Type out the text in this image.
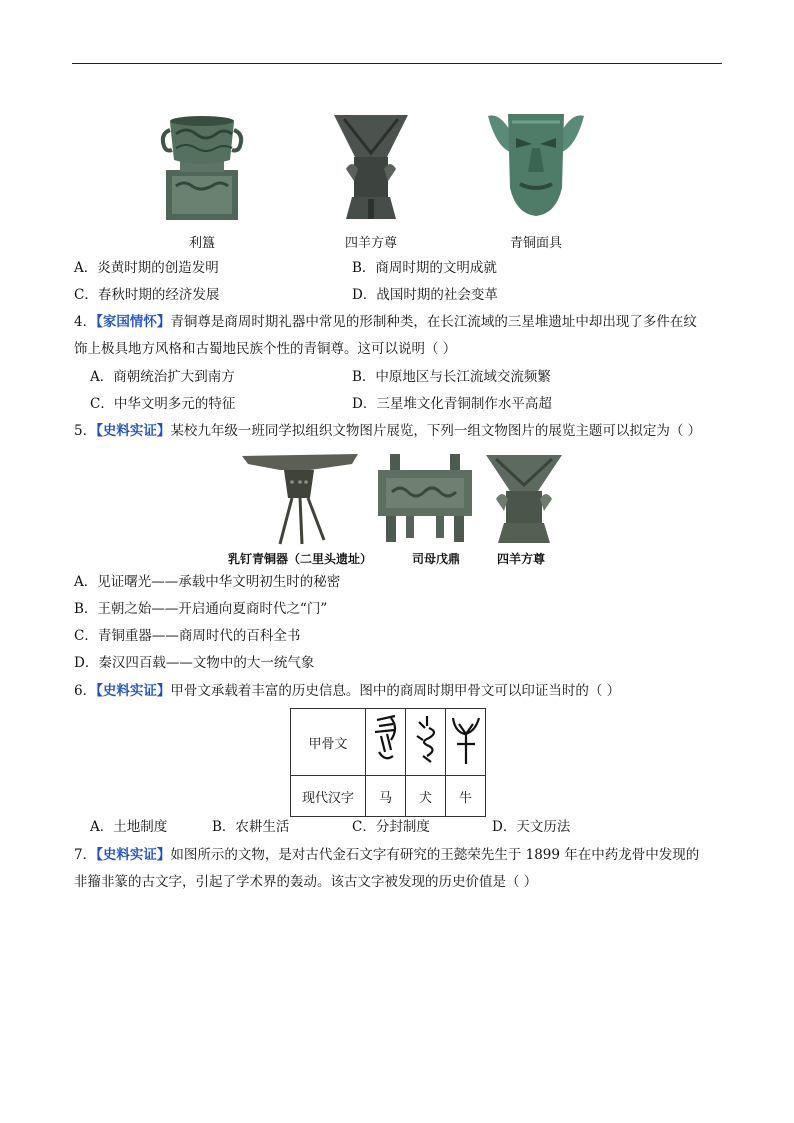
利簋	四羊方尊	青铜面具
A．炎黄时期的创造发明	B．商周时期的文明成就
C．春秋时期的经济发展	D．战国时期的社会变革
4．【家国情怀】青铜尊是商周时期礼器中常见的形制种类，在长江流域的三星堆遗址中却出现了多件在纹
饰上极具地方风格和古蜀地民族个性的青铜尊。这可以说明（ ）
A．商朝统治扩大到南方	B．中原地区与长江流域交流频繁
C．中华文明多元的特征	D．三星堆文化青铜制作水平高超
5．【史料实证】某校九年级一班同学拟组织文物图片展览，下列一组文物图片的展览主题可以拟定为（ ）
乳钉青铜器（二里头遗址）	司母戊鼎	四羊方尊
A．见证曙光——承载中华文明初生时的秘密
B．王朝之始——开启通向夏商时代之“门”
C．青铜重器——商周时代的百科全书
D．秦汉四百载——文物中的大一统气象
6．【史料实证】甲骨文承载着丰富的历史信息。图中的商周时期甲骨文可以印证当时的（ ）
甲骨文			
现代汉字	马	犬	牛
A．土地制度	B．农耕生活	C．分封制度	D．天文历法
7．【史料实证】如图所示的文物，是对古代金石文字有研究的王懿荣先生于 1899 年在中药龙骨中发现的
非籀非篆的古文字，引起了学术界的轰动。该古文字被发现的历史价值是（ ）
